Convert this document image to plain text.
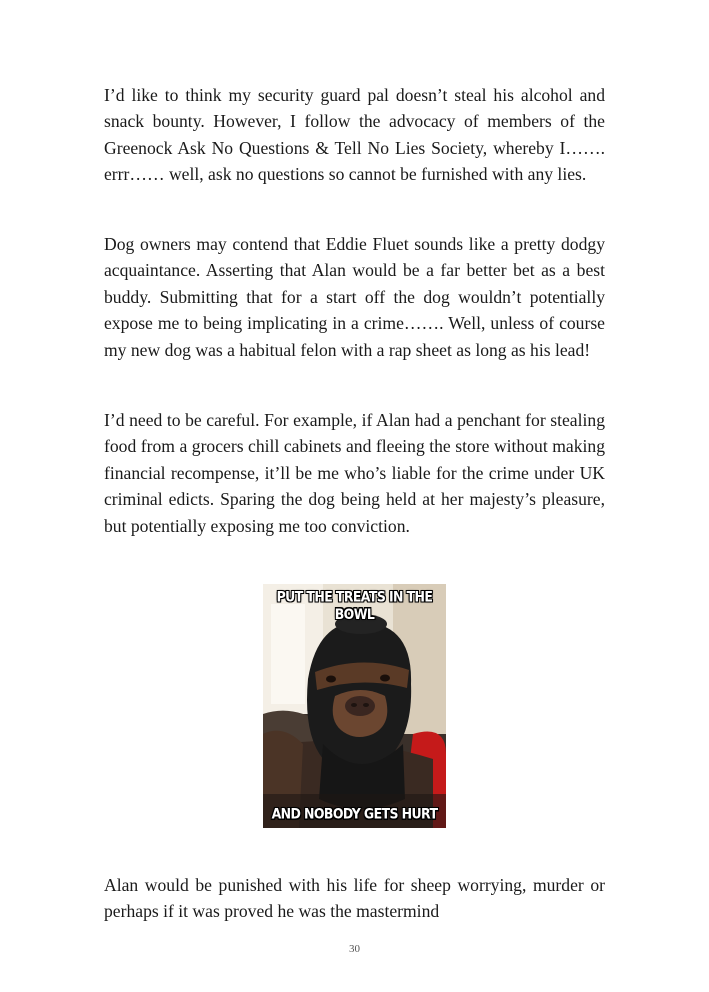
I’d like to think my security guard pal doesn’t steal his alcohol and snack bounty. However, I follow the advocacy of members of the Greenock Ask No Questions & Tell No Lies Society, whereby I……. errr…… well, ask no questions so cannot be furnished with any lies.

Dog owners may contend that Eddie Fluet sounds like a pretty dodgy acquaintance. Asserting that Alan would be a far better bet as a best buddy. Submitting that for a start off the dog wouldn’t potentially expose me to being implicating in a crime……. Well, unless of course my new dog was a habitual felon with a rap sheet as long as his lead!

I’d need to be careful. For example, if Alan had a penchant for stealing food from a grocers chill cabinets and fleeing the store without making financial recompense, it’ll be me who’s liable for the crime under UK criminal edicts. Sparing the dog being held at her majesty’s pleasure, but potentially exposing me too conviction.

PUT THE TREATS IN THE BOWL
AND NOBODY GETS HURT

Alan would be punished with his life for sheep worrying, murder or perhaps if it was proved he was the mastermind

30
